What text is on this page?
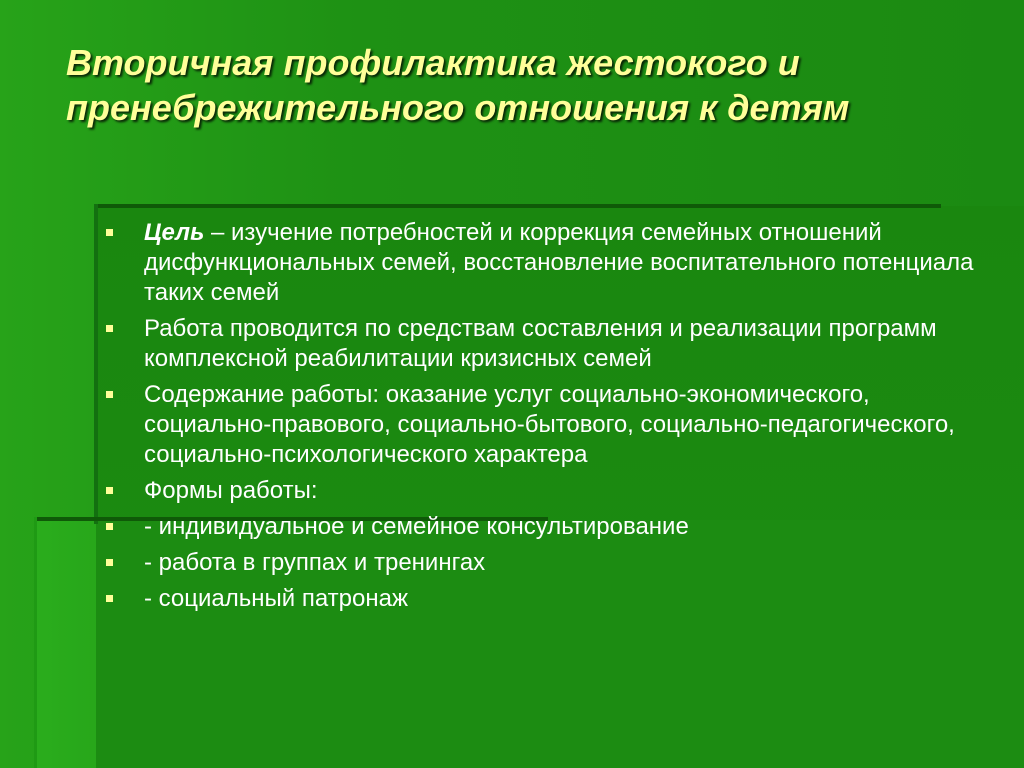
Вторичная профилактика жестокого и пренебрежительного отношения к детям
Цель – изучение потребностей и коррекция семейных отношений дисфункциональных семей, восстановление воспитательного потенциала таких семей
Работа проводится по средствам составления и реализации программ комплексной реабилитации кризисных семей
Содержание работы: оказание услуг социально-экономического, социально-правового, социально-бытового, социально-педагогического, социально-психологического характера
Формы работы:
- индивидуальное и семейное консультирование
- работа в группах и тренингах
- социальный патронаж
